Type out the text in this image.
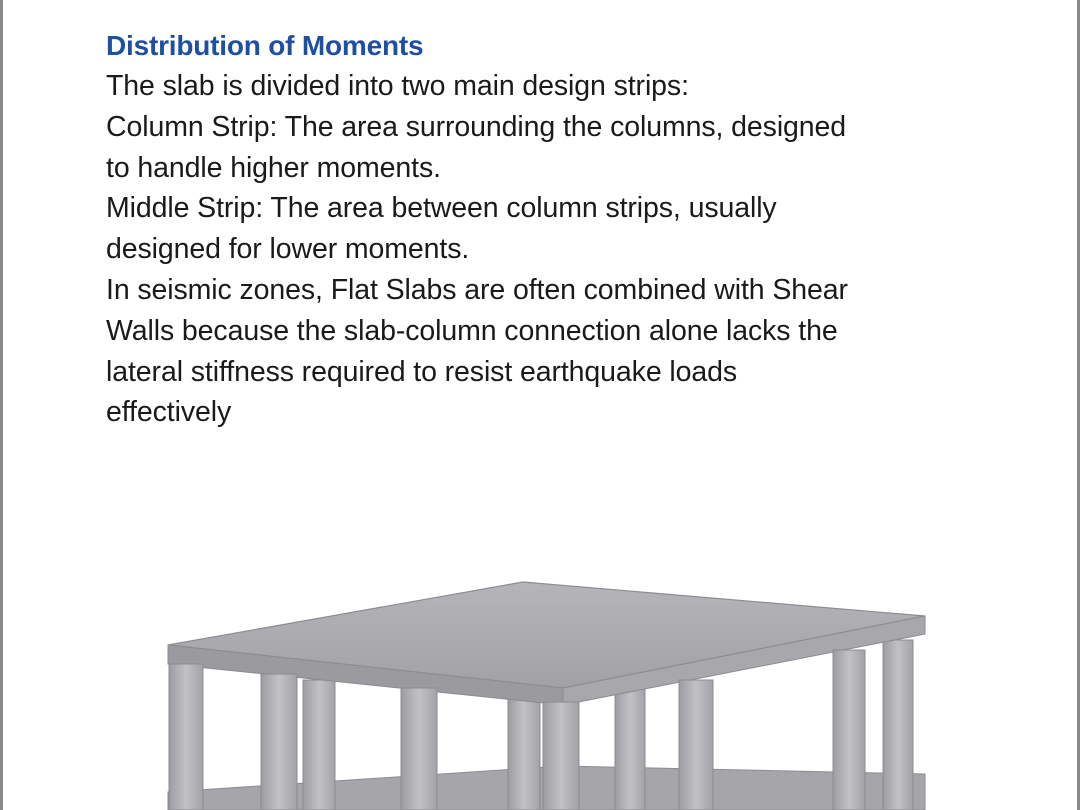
Distribution of Moments

The slab is divided into two main design strips:

Column Strip: The area surrounding the columns, designed

to handle higher moments.

Middle Strip: The area between column strips, usually

designed for lower moments.

In seismic zones, Flat Slabs are often combined with Shear

Walls because the slab-column connection alone lacks the

lateral stiffness required to resist earthquake loads

effectively
